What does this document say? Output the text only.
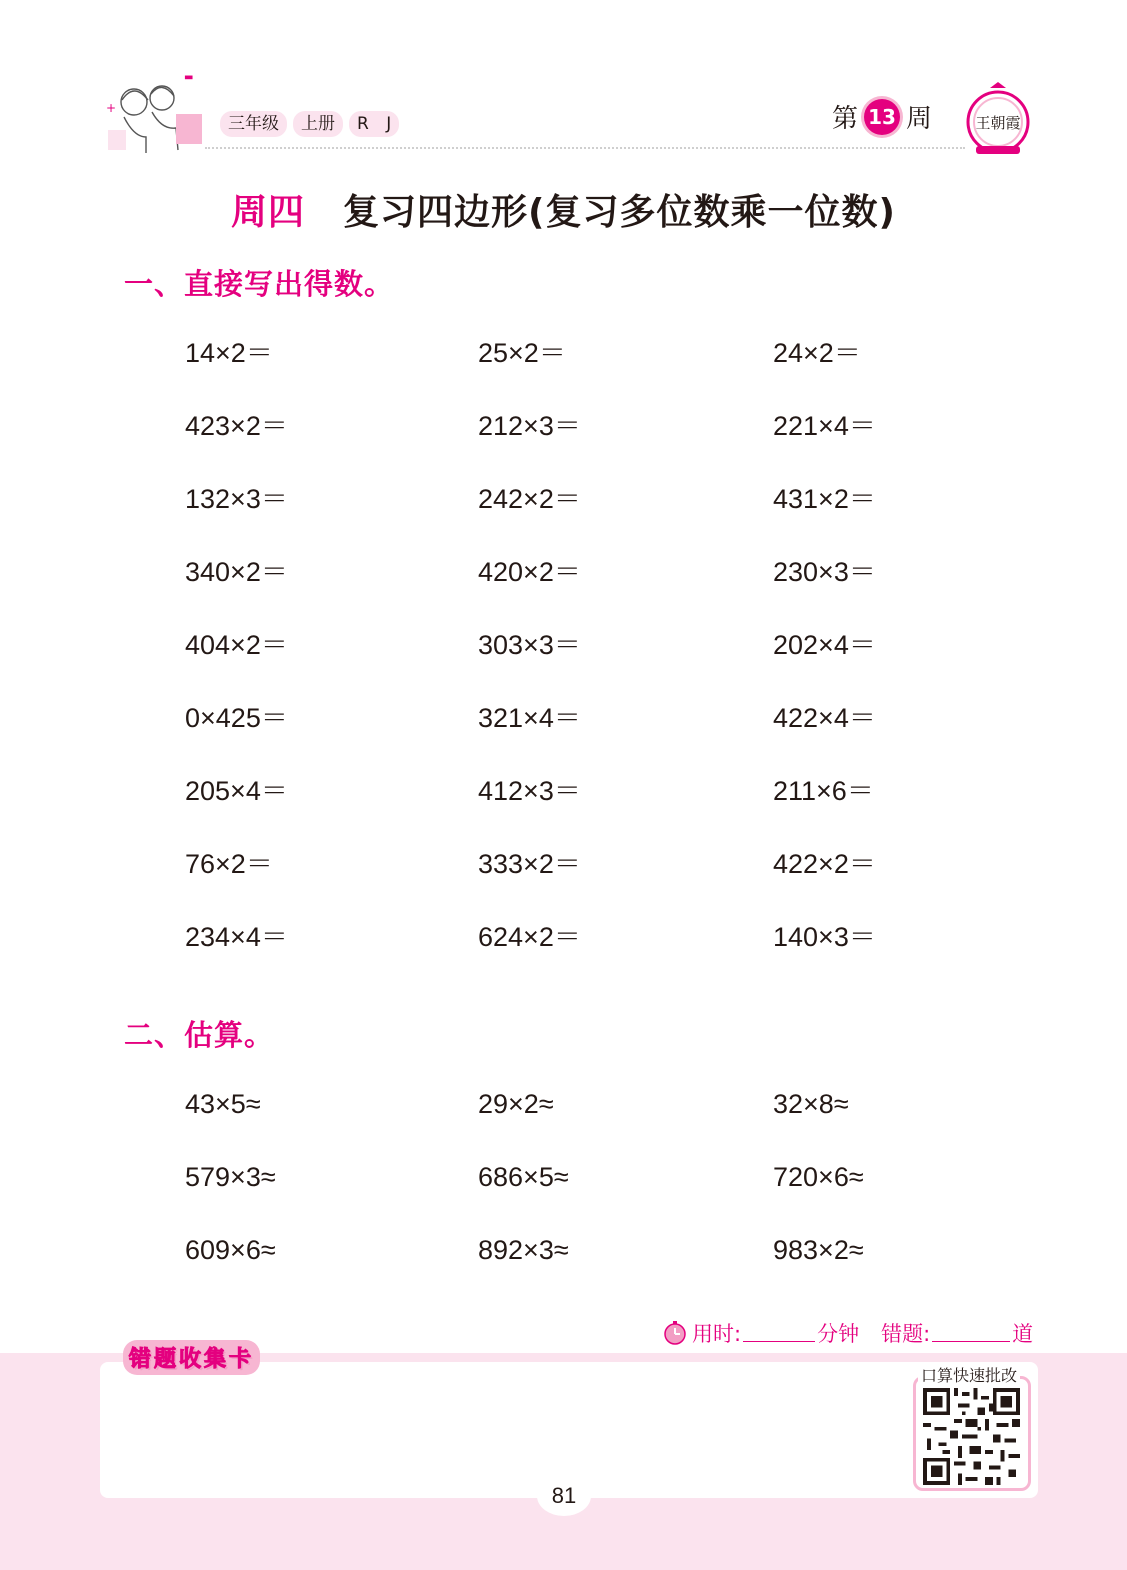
▬
+
三年级	上册	R J	第 13 周	王朝霞
周四 复习四边形(复习多位数乘一位数)
一、直接写出得数。
14×2＝	25×2＝	24×2＝
423×2＝	212×3＝	221×4＝
132×3＝	242×2＝	431×2＝
340×2＝	420×2＝	230×3＝
404×2＝	303×3＝	202×4＝
0×425＝	321×4＝	422×4＝
205×4＝	412×3＝	211×6＝
76×2＝	333×2＝	422×2＝
234×4＝	624×2＝	140×3＝
二、估算。
43×5≈	29×2≈	32×8≈
579×3≈	686×5≈	720×6≈
609×6≈	892×3≈	983×2≈
用时:	分钟 错题:	道
错题收集卡
口算快速批改
81
